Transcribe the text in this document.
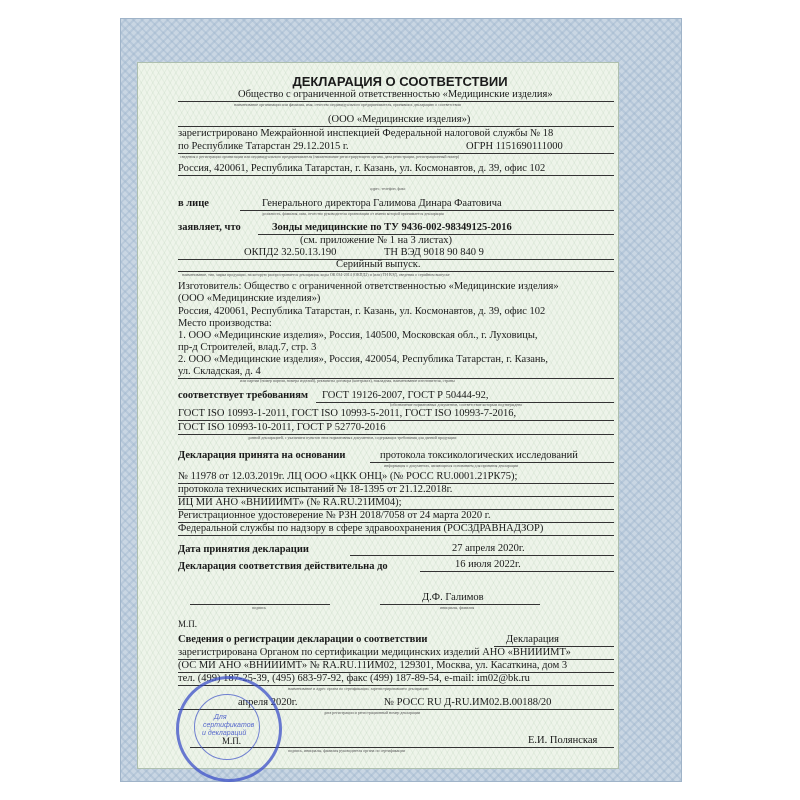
ДЕКЛАРАЦИЯ О СООТВЕТСТВИИ
Общество с ограниченной ответственностью «Медицинские изделия»
наименование организации или фамилия, имя, отчество индивидуального предпринимателя, принявших декларацию о соответствии
(ООО «Медицинские изделия»)
зарегистрировано Межрайонной инспекцией Федеральной налоговой службы № 18
по Республике Татарстан 29.12.2015 г.	ОГРН 1151690111000
сведения о регистрации организации или индивидуального предпринимателя (наименование регистрирующего органа, дата регистрации, регистрационный номер)
Россия, 420061, Республика Татарстан, г. Казань, ул. Космонавтов, д. 39, офис 102
адрес, телефон, факс
в лице	Генерального директора Галимова Динара Фаатовича
должность, фамилия, имя, отчество руководителя организации от имени которой принимается декларация
заявляет, что	Зонды медицинские по ТУ 9436-002-98349125-2016
(см. приложение № 1 на 3 листах)
ОКПД2 32.50.13.190	ТН ВЭД 9018 90 840 9
Серийный выпуск.
наименование, тип, марка продукции, на которую распространяется декларация, коды ОК 034-2014 (ОКПД2) и (или) ТН ВЭД, сведения о серийном выпуске
Изготовитель: Общество с ограниченной ответственностью «Медицинские изделия»
(ООО «Медицинские изделия»)
Россия, 420061, Республика Татарстан, г. Казань, ул. Космонавтов, д. 39, офис 102
Место производства:
1. ООО «Медицинские изделия», Россия, 140500, Московская обл., г. Луховицы,
пр-д Строителей, влад.7, стр. 3
2. ООО «Медицинские изделия», Россия, 420054, Республика Татарстан, г. Казань,
ул. Складская, д. 4
или партии (номер партии, номера изделий), реквизиты договора (контракта), накладная, наименование изготовителя, страны
соответствует требованиям ГОСТ 19126-2007, ГОСТ Р 50444-92,
(обозначение нормативных документов, соответствие которым подтверждено
ГОСТ ISO 10993-1-2011, ГОСТ ISO 10993-5-2011, ГОСТ ISO 10993-7-2016,
ГОСТ ISO 10993-10-2011, ГОСТ Р 52770-2016
данной декларацией, с указанием пунктов этих нормативных документов, содержащих требования для данной продукции
Декларация принята на основании	протокола токсикологических исследований
информация о документах, являющихся основанием для принятия декларации
№ 11978 от 12.03.2019г. ЛЦ ООО «ЦКК ОНЦ» (№ РОСС RU.0001.21РК75);
протокола технических испытаний № 18-1395 от 21.12.2018г.
ИЦ МИ АНО «ВНИИИМТ» (№ RA.RU.21ИМ04);
Регистрационное удостоверение № РЗН 2018/7058 от 24 марта 2020 г.
Федеральной службы по надзору в сфере здравоохранения (РОСЗДРАВНАДЗОР)
Дата принятия декларации	27 апреля 2020г.
Декларация соответствия действительна до	16 июля 2022г.
Д.Ф. Галимов
подпись	инициалы, фамилия
М.П.
Сведения о регистрации декларации о соответствии	Декларация
зарегистрирована Органом по сертификации медицинских изделий АНО «ВНИИИМТ»
(ОС МИ АНО «ВНИИИМТ» № RA.RU.11ИМ02, 129301, Москва, ул. Касаткина, дом 3
тел. (499) 187-25-39, (495) 683-97-92, факс (499) 187-89-54, e-mail: im02@bk.ru
наименование и адрес органа по сертификации, зарегистрировавшего декларацию
апреля 2020г.	№ РОСС RU Д-RU.ИМ02.В.00188/20
дата регистрации и регистрационный номер декларации
М.П.	Е.И. Полянская
подпись, инициалы, фамилия руководителя органа по сертификации
Для
сертификатов
и деклараций
